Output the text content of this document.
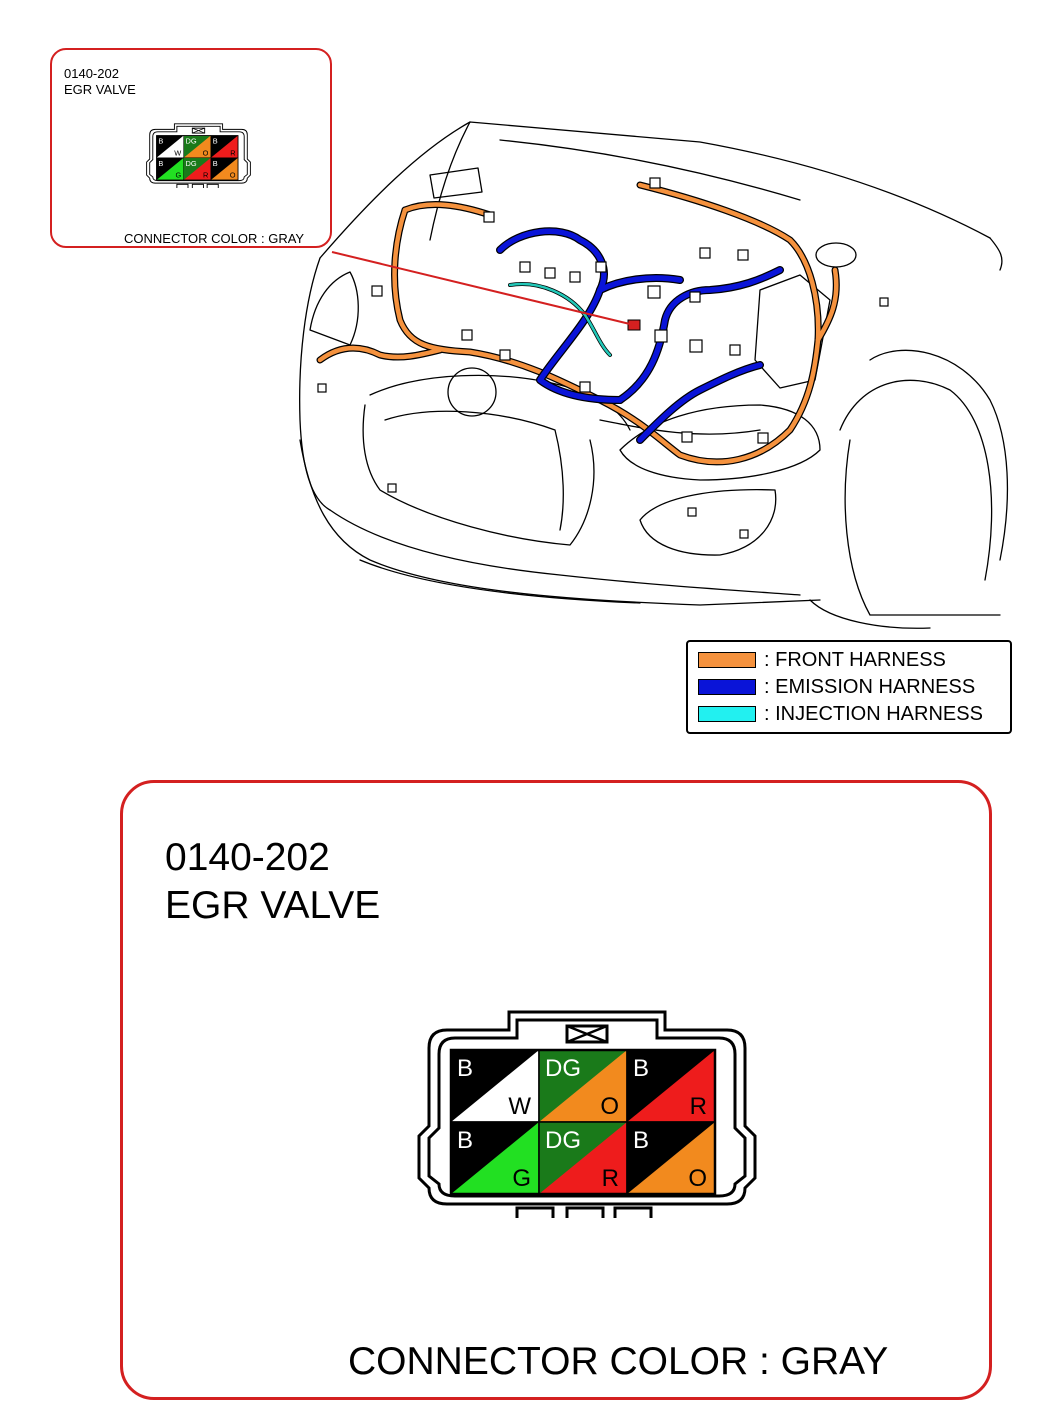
0140-202
EGR VALVE
B
W
DG
O
B
R
B
G
DG
R
B
O
CONNECTOR COLOR : GRAY
: FRONT HARNESS
: EMISSION HARNESS
: INJECTION HARNESS
0140-202
EGR VALVE
B
W
DG
O
B
R
B
G
DG
R
B
O
CONNECTOR COLOR : GRAY
